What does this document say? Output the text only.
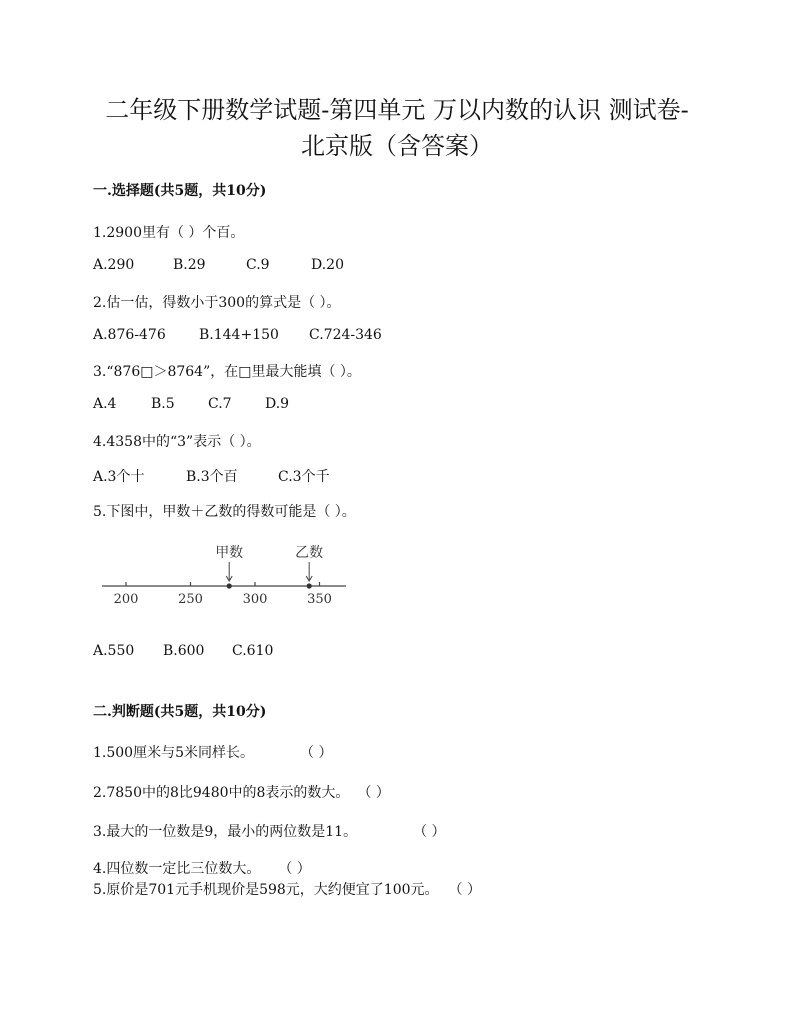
二年级下册数学试题-第四单元 万以内数的认识 测试卷-
北京版（含答案）
一.选择题(共5题，共10分)
1.2900里有（ ）个百。
A.290	B.29	C.9	D.20
2.估一估，得数小于300的算式是（ ）。
A.876-476 B.144+150 C.724-346
3.“876□＞8764”，在□里最大能填（ ）。
A.4 B.5 C.7 D.9
4.4358中的“3”表示（ ）。
A.3个十	B.3个百	C.3个千
5.下图中，甲数＋乙数的得数可能是（ ）。
200	250	300	350
甲数	乙数
A.550 B.600 C.610
二.判断题(共5题，共10分)
1.500厘米与5米同样长。	（ ）
2.7850中的8比9480中的8表示的数大。 （ ）
3.最大的一位数是9，最小的两位数是11。	（ ）
4.四位数一定比三位数大。 （ ）
5.原价是701元手机现价是598元，大约便宜了100元。 （ ）
